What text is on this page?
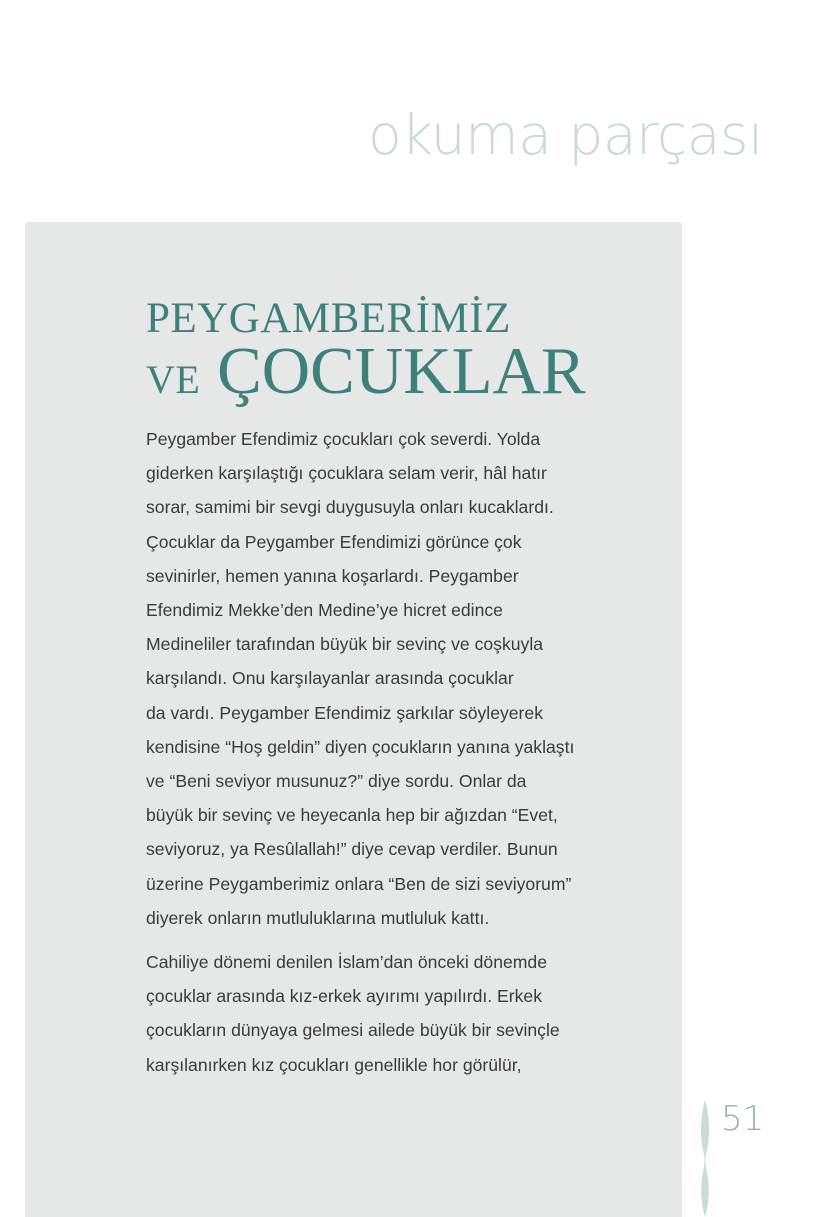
okuma parçası
PEYGAMBERİMİZ
VE ÇOCUKLAR
Peygamber Efendimiz çocukları çok severdi. Yolda
giderken karşılaştığı çocuklara selam verir, hâl hatır
sorar, samimi bir sevgi duygusuyla onları kucaklardı.
Çocuklar da Peygamber Efendimizi görünce çok
sevinirler, hemen yanına koşarlardı. Peygamber
Efendimiz Mekke’den Medine’ye hicret edince
Medineliler tarafından büyük bir sevinç ve coşkuyla
karşılandı. Onu karşılayanlar arasında çocuklar
da vardı. Peygamber Efendimiz şarkılar söyleyerek
kendisine “Hoş geldin” diyen çocukların yanına yaklaştı
ve “Beni seviyor musunuz?” diye sordu. Onlar da
büyük bir sevinç ve heyecanla hep bir ağızdan “Evet,
seviyoruz, ya Resûlallah!” diye cevap verdiler. Bunun
üzerine Peygamberimiz onlara “Ben de sizi seviyorum”
diyerek onların mutluluklarına mutluluk kattı.
Cahiliye dönemi denilen İslam’dan önceki dönemde
çocuklar arasında kız-erkek ayırımı yapılırdı. Erkek
çocukların dünyaya gelmesi ailede büyük bir sevinçle
karşılanırken kız çocukları genellikle hor görülür,
51
